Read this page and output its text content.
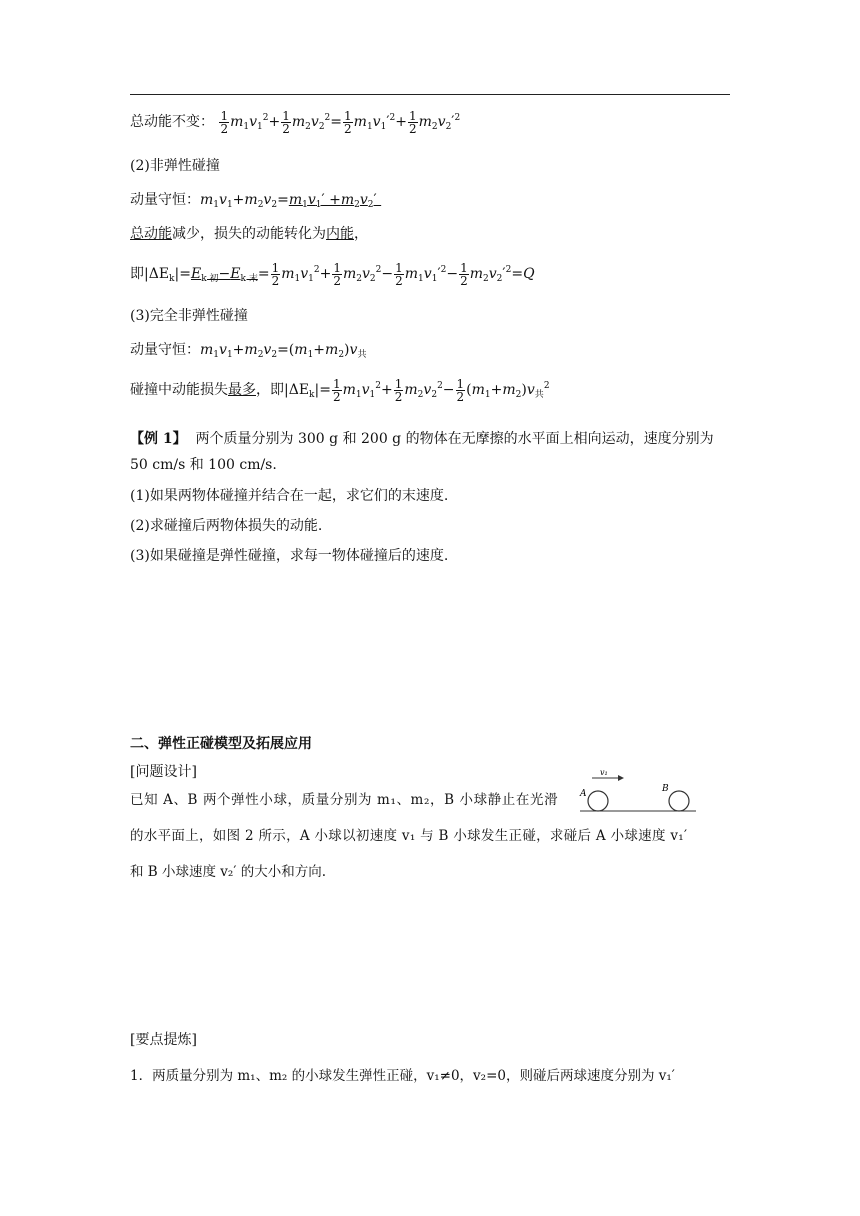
总动能不变： $\frac{1}{2} m_1v_1^2+ \frac{1}{2} m_2v_2^2= \frac{1}{2} m_1v_1'^2+ \frac{1}{2} m_2v_2'^2$
(2)非弹性碰撞
动量守恒：$m_1v_1+m_2v_2=m_1v_1' +m_2v_2'$
总动能减少，损失的动能转化为内能，
即$|\Delta E_k|=E_{k 初}-E_{k 末}= \frac{1}{2} m_1v_1^2+ \frac{1}{2} m_2v_2^2- \frac{1}{2} m_1v_1'^2- \frac{1}{2} m_2v_2'^2=Q$
(3)完全非弹性碰撞
动量守恒：$m_1v_1+m_2v_2=(m_1+m_2)v_共$
碰撞中动能损失最多，即$|\Delta E_k|= \frac{1}{2} m_1v_1^2+ \frac{1}{2} m_2v_2^2- \frac{1}{2} (m_1+m_2)v_共^2$
【例 1】 两个质量分别为 300 g 和 200 g 的物体在无摩擦的水平面上相向运动，速度分别为 50 cm/s 和 100 cm/s.
(1)如果两物体碰撞并结合在一起，求它们的末速度.
(2)求碰撞后两物体损失的动能.
(3)如果碰撞是弹性碰撞，求每一物体碰撞后的速度.
二、弹性正碰模型及拓展应用
[问题设计]
已知 A、B 两个弹性小球，质量分别为 m₁、m₂，B 小球静止在光滑
的水平面上，如图 2 所示，A 小球以初速度 v₁ 与 B 小球发生正碰，求碰后 A 小球速度 v₁′
和 B 小球速度 v₂′ 的大小和方向.
v₁
A	B
[要点提炼]
1．两质量分别为 m₁、m₂ 的小球发生弹性正碰，v₁≠0，v₂=0，则碰后两球速度分别为 v₁′
